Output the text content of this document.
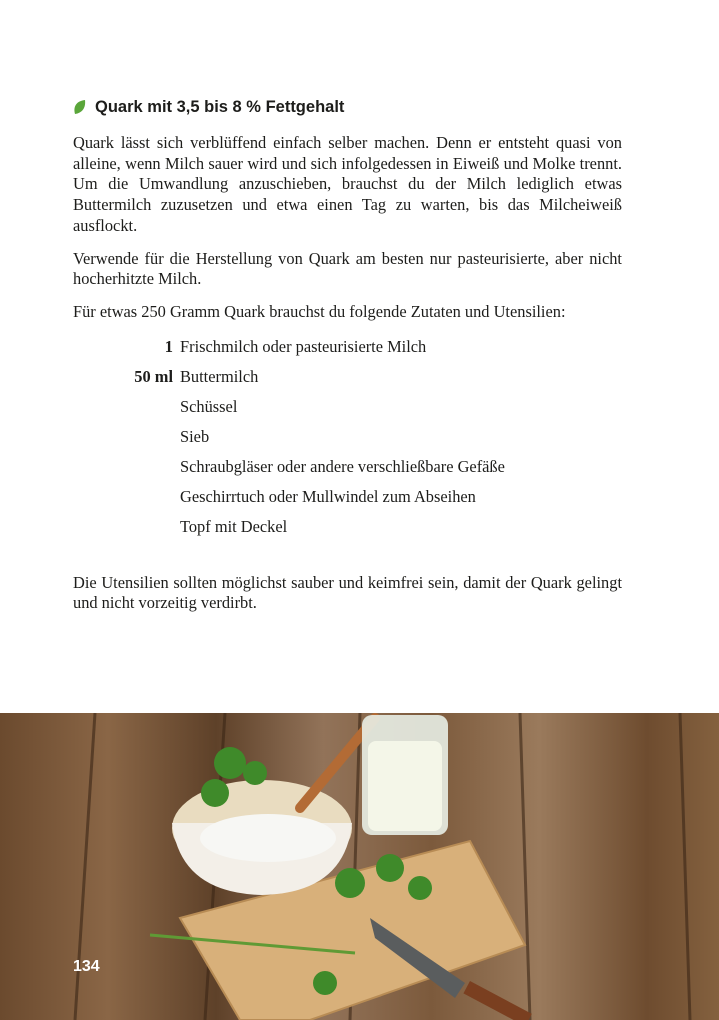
Quark mit 3,5 bis 8 % Fettgehalt

Quark lässt sich verblüffend einfach selber machen. Denn er entsteht quasi von alleine, wenn Milch sauer wird und sich infolgedessen in Eiweiß und Molke trennt. Um die Umwandlung anzuschieben, brauchst du der Milch lediglich etwas Buttermilch zuzusetzen und etwa einen Tag zu warten, bis das Milcheiweiß ausflockt.

Verwende für die Herstellung von Quark am besten nur pasteurisierte, aber nicht hocherhitzte Milch.

Für etwas 250 Gramm Quark brauchst du folgende Zutaten und Utensilien:

1 Frischmilch oder pasteurisierte Milch
50 ml Buttermilch
Schüssel
Sieb
Schraubgläser oder andere verschließbare Gefäße
Geschirrtuch oder Mullwindel zum Abseihen
Topf mit Deckel

Die Utensilien sollten möglichst sauber und keimfrei sein, damit der Quark gelingt und nicht vorzeitig verdirbt.

134
